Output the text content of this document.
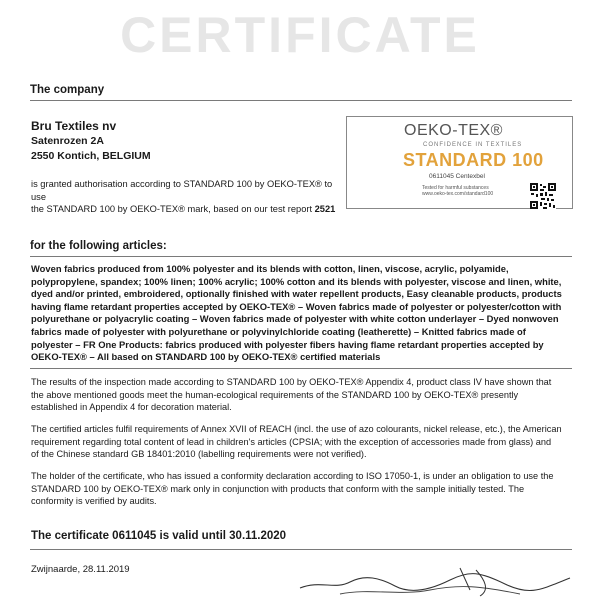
CERTIFICATE
The company
Bru Textiles nv
Satenrozen 2A
2550 Kontich, BELGIUM
is granted authorisation according to STANDARD 100 by OEKO-TEX® to use
the STANDARD 100 by OEKO-TEX® mark, based on our test report 2521
OEKO-TEX®
CONFIDENCE IN TEXTILES
STANDARD 100
0611045 Centexbel
Tested for harmful substances
www.oeko-tex.com/standard100
for the following articles:
Woven fabrics produced from 100% polyester and its blends with cotton, linen, viscose, acrylic, polyamide,
polypropylene, spandex; 100% linen; 100% acrylic; 100% cotton and its blends with polyester, viscose and linen, white,
dyed and/or printed, embroidered, optionally finished with water repellent products, Easy cleanable products, products
having flame retardant properties accepted by OEKO-TEX® – Woven fabrics made of polyester or polyester/cotton with
polyurethane or polyacrylic coating – Woven fabrics made of polyester with white cotton underlayer – Dyed nonwoven
fabrics made of polyester with polyurethane or polyvinylchloride coating (leatherette) – Knitted fabrics made of
polyester – FR One Products: fabrics produced with polyester fibers having flame retardant properties accepted by
OEKO-TEX® – All based on STANDARD 100 by OEKO-TEX® certified materials
The results of the inspection made according to STANDARD 100 by OEKO-TEX® Appendix 4, product class IV have shown that
the above mentioned goods meet the human-ecological requirements of the STANDARD 100 by OEKO-TEX® presently
established in Appendix 4 for decoration material.
The certified articles fulfil requirements of Annex XVII of REACH (incl. the use of azo colourants, nickel release, etc.), the American
requirement regarding total content of lead in children's articles (CPSIA; with the exception of accessories made from glass) and
of the Chinese standard GB 18401:2010 (labelling requirements were not verified).
The holder of the certificate, who has issued a conformity declaration according to ISO 17050-1, is under an obligation to use the
STANDARD 100 by OEKO-TEX® mark only in conjunction with products that conform with the sample initially tested. The
conformity is verified by audits.
The certificate 0611045 is valid until 30.11.2020
Zwijnaarde, 28.11.2019
